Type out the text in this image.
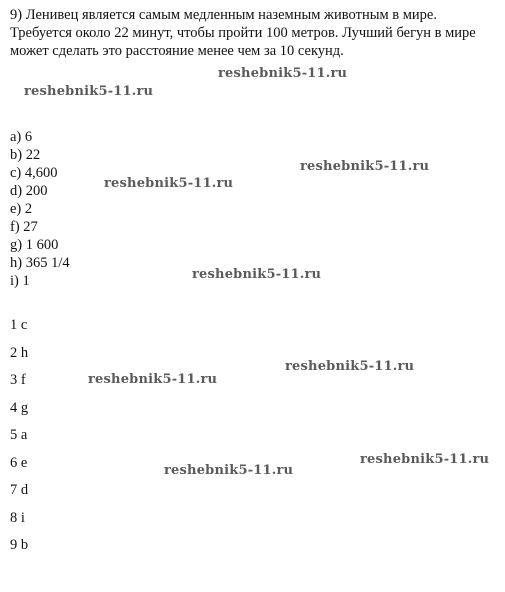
9) Ленивец является самым медленным наземным животным в мире. Требуется около 22 минут, чтобы пройти 100 метров. Лучший бегун в мире может сделать это расстояние менее чем за 10 секунд.

a) 6
b) 22
c) 4,600
d) 200
e) 2
f) 27
g) 1 600
h) 365 1/4
i) 1
1 c
2 h
3 f
4 g
5 a
6 e
7 d
8 i
9 b
reshebnik5-11.ru
reshebnik5-11.ru
reshebnik5-11.ru
reshebnik5-11.ru
reshebnik5-11.ru
reshebnik5-11.ru
reshebnik5-11.ru
reshebnik5-11.ru
reshebnik5-11.ru
